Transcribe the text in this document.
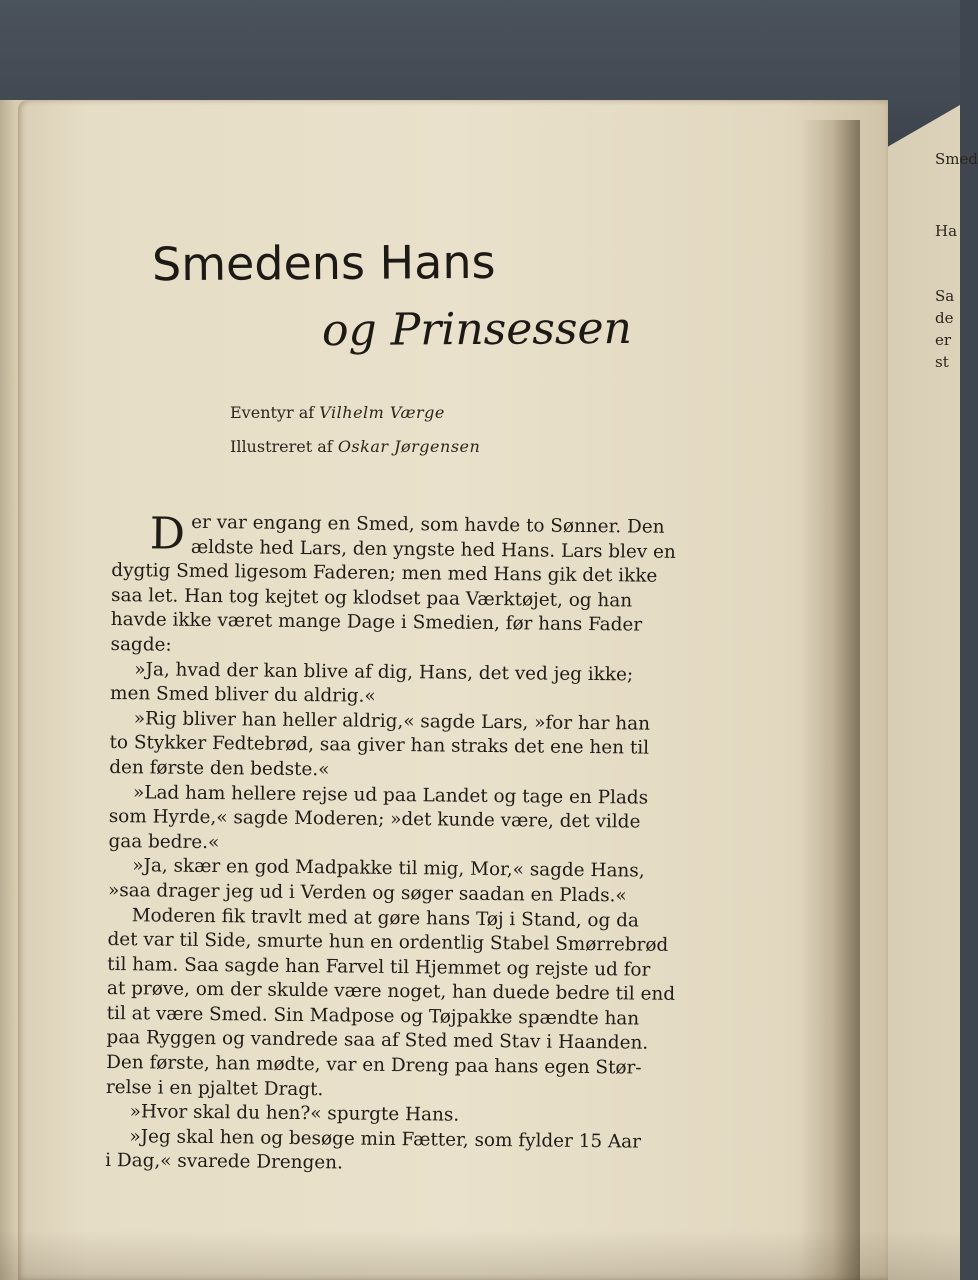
Smed
Ha
Sa
de
er
st
Smedens Hans
og Prinsessen
Eventyr af Vilhelm Værge
Illustreret af Oskar Jørgensen
D er var engang en Smed, som havde to Sønner. Den
ældste hed Lars, den yngste hed Hans. Lars blev en
dygtig Smed ligesom Faderen; men med Hans gik det ikke
saa let. Han tog kejtet og klodset paa Værktøjet, og han
havde ikke været mange Dage i Smedien, før hans Fader
sagde:
»Ja, hvad der kan blive af dig, Hans, det ved jeg ikke;
men Smed bliver du aldrig.«
»Rig bliver han heller aldrig,« sagde Lars, »for har han
to Stykker Fedtebrød, saa giver han straks det ene hen til
den første den bedste.«
»Lad ham hellere rejse ud paa Landet og tage en Plads
som Hyrde,« sagde Moderen; »det kunde være, det vilde
gaa bedre.«
»Ja, skær en god Madpakke til mig, Mor,« sagde Hans,
»saa drager jeg ud i Verden og søger saadan en Plads.«
Moderen fik travlt med at gøre hans Tøj i Stand, og da
det var til Side, smurte hun en ordentlig Stabel Smørrebrød
til ham. Saa sagde han Farvel til Hjemmet og rejste ud for
at prøve, om der skulde være noget, han duede bedre til end
til at være Smed. Sin Madpose og Tøjpakke spændte han
paa Ryggen og vandrede saa af Sted med Stav i Haanden.
Den første, han mødte, var en Dreng paa hans egen Stør-
relse i en pjaltet Dragt.
»Hvor skal du hen?« spurgte Hans.
»Jeg skal hen og besøge min Fætter, som fylder 15 Aar
i Dag,« svarede Drengen.
